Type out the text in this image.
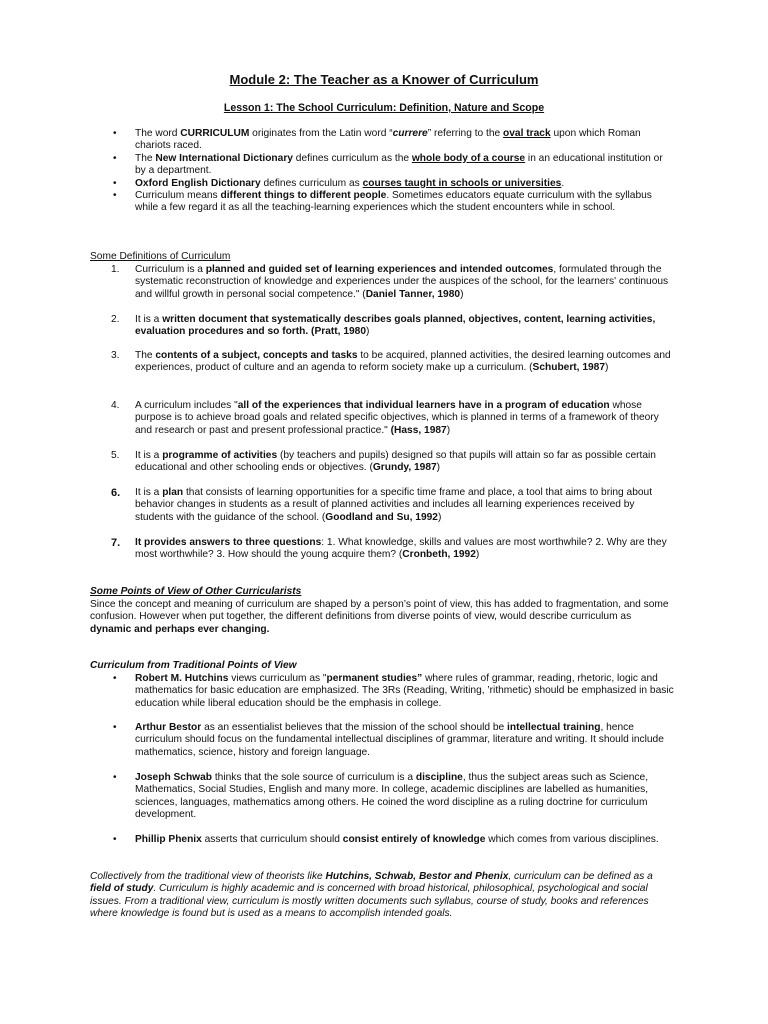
Module 2: The Teacher as a Knower of Curriculum
Lesson 1: The School Curriculum: Definition, Nature and Scope
• The word CURRICULUM originates from the Latin word “currere” referring to the oval track upon which Roman chariots raced.
• The New International Dictionary defines curriculum as the whole body of a course in an educational institution or by a department.
• Oxford English Dictionary defines curriculum as courses taught in schools or universities.
• Curriculum means different things to different people. Sometimes educators equate curriculum with the syllabus while a few regard it as all the teaching-learning experiences which the student encounters while in school.
Some Definitions of Curriculum
1. Curriculum is a planned and guided set of learning experiences and intended outcomes, formulated through the systematic reconstruction of knowledge and experiences under the auspices of the school, for the learners' continuous and willful growth in personal social competence." (Daniel Tanner, 1980)
2. It is a written document that systematically describes goals planned, objectives, content, learning activities, evaluation procedures and so forth. (Pratt, 1980)
3. The contents of a subject, concepts and tasks to be acquired, planned activities, the desired learning outcomes and experiences, product of culture and an agenda to reform society make up a curriculum. (Schubert, 1987)
4. A curriculum includes "all of the experiences that individual learners have in a program of education whose purpose is to achieve broad goals and related specific objectives, which is planned in terms of a framework of theory and research or past and present professional practice." (Hass, 1987)
5. It is a programme of activities (by teachers and pupils) designed so that pupils will attain so far as possible certain educational and other schooling ends or objectives. (Grundy, 1987)
6. It is a plan that consists of learning opportunities for a specific time frame and place, a tool that aims to bring about behavior changes in students as a result of planned activities and includes all learning experiences received by students with the guidance of the school. (Goodland and Su, 1992)
7. It provides answers to three questions: 1. What knowledge, skills and values are most worthwhile? 2. Why are they most worthwhile? 3. How should the young acquire them? (Cronbeth, 1992)
Some Points of View of Other Curricularists

Since the concept and meaning of curriculum are shaped by a person’s point of view, this has added to fragmentation, and some confusion. However when put together, the different definitions from diverse points of view, would describe curriculum as dynamic and perhaps ever changing.

Curriculum from Traditional Points of View
• Robert M. Hutchins views curriculum as "permanent studies” where rules of grammar, reading, rhetoric, logic and mathematics for basic education are emphasized. The 3Rs (Reading, Writing, ’rithmetic) should be emphasized in basic education while liberal education should be the emphasis in college.
• Arthur Bestor as an essentialist believes that the mission of the school should be intellectual training, hence curriculum should focus on the fundamental intellectual disciplines of grammar, literature and writing. It should include mathematics, science, history and foreign language.
• Joseph Schwab thinks that the sole source of curriculum is a discipline, thus the subject areas such as Science, Mathematics, Social Studies, English and many more. In college, academic disciplines are labelled as humanities, sciences, languages, mathematics among others. He coined the word discipline as a ruling doctrine for curriculum development.
• Phillip Phenix asserts that curriculum should consist entirely of knowledge which comes from various disciplines.

Collectively from the traditional view of theorists like Hutchins, Schwab, Bestor and Phenix, curriculum can be defined as a field of study. Curriculum is highly academic and is concerned with broad historical, philosophical, psychological and social issues. From a traditional view, curriculum is mostly written documents such syllabus, course of study, books and references where knowledge is found but is used as a means to accomplish intended goals.
